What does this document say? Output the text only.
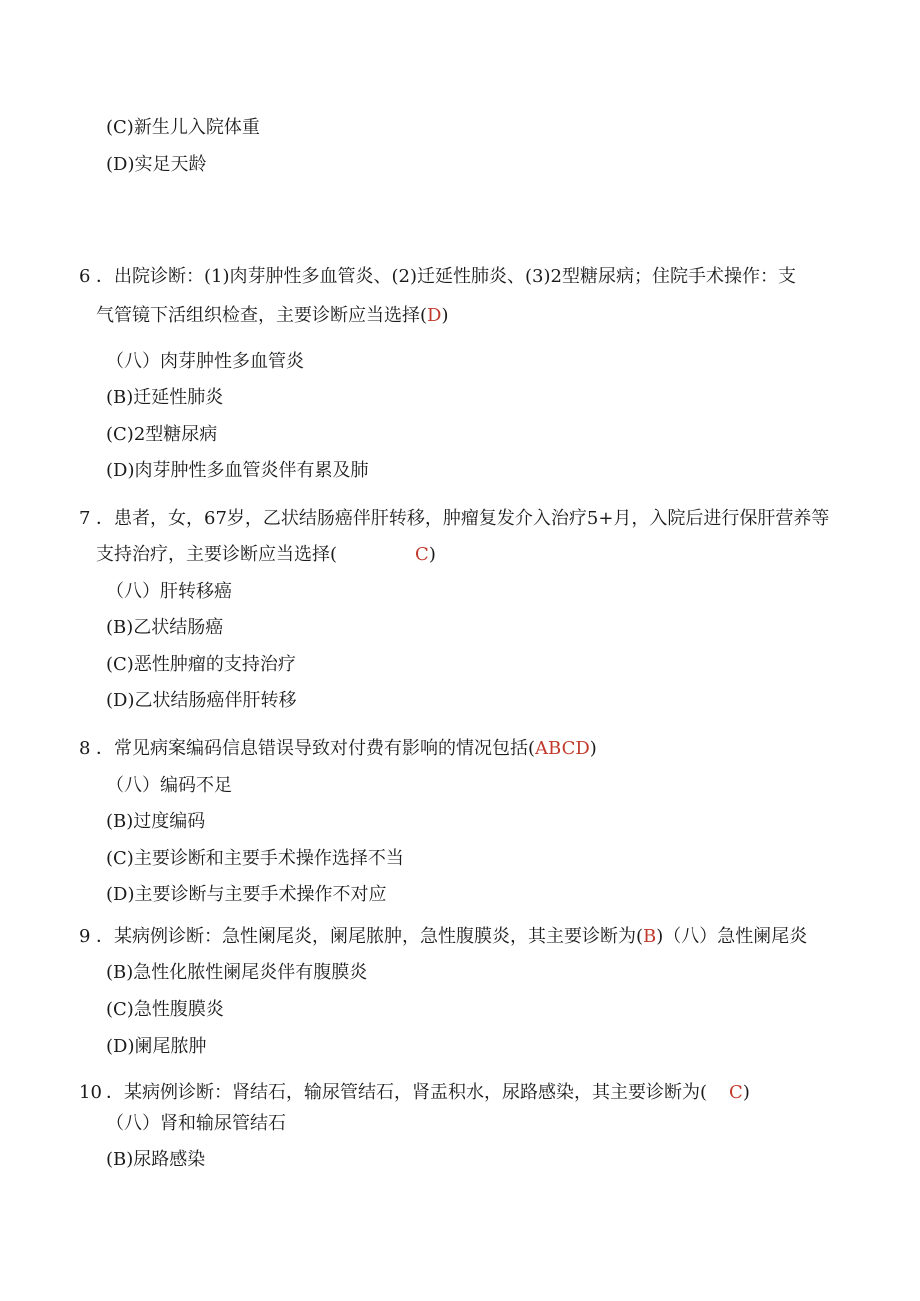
(C)新生儿入院体重

(D)实足天龄

6 ．出院诊断：(1)肉芽肿性多血管炎、(2)迁延性肺炎、(3)2型糖尿病；住院手术操作：支

气管镜下活组织检查，主要诊断应当选择(D)

（八）肉芽肿性多血管炎

(B)迁延性肺炎

(C)2型糖尿病

(D)肉芽肿性多血管炎伴有累及肺

7 ．患者，女，67岁，乙状结肠癌伴肝转移，肿瘤复发介入治疗5+月，入院后进行保肝营养等

支持治疗，主要诊断应当选择(	C)

（八）肝转移癌

(B)乙状结肠癌

(C)恶性肿瘤的支持治疗

(D)乙状结肠癌伴肝转移

8 ．常见病案编码信息错误导致对付费有影响的情况包括(ABCD)

（八）编码不足

(B)过度编码

(C)主要诊断和主要手术操作选择不当

(D)主要诊断与主要手术操作不对应

9 ．某病例诊断：急性阑尾炎，阑尾脓肿，急性腹膜炎，其主要诊断为(B)（八）急性阑尾炎

(B)急性化脓性阑尾炎伴有腹膜炎

(C)急性腹膜炎

(D)阑尾脓肿

10 ．某病例诊断：肾结石，输尿管结石，肾盂积水，尿路感染，其主要诊断为( C)

（八）肾和输尿管结石

(B)尿路感染
